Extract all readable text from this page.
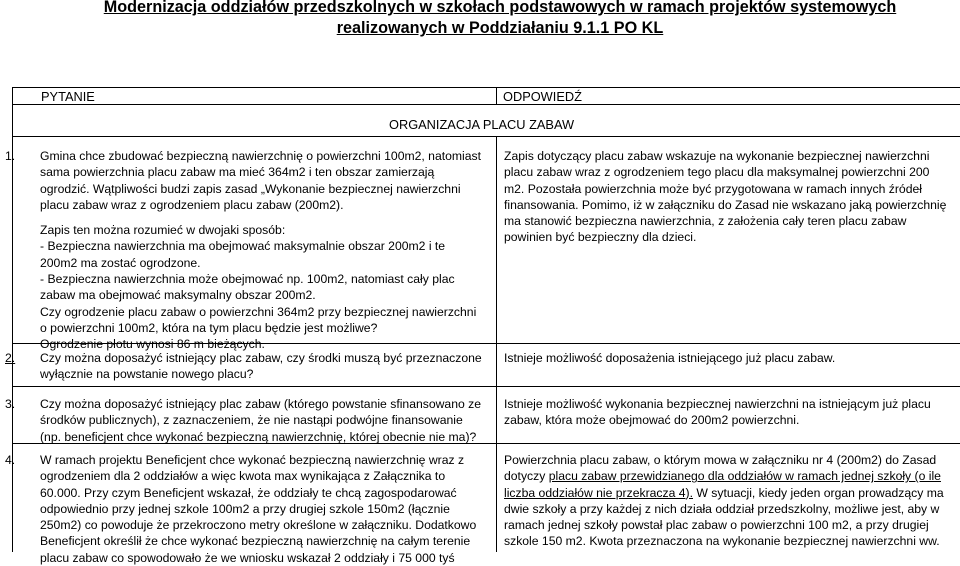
Modernizacja oddziałów przedszkolnych w szkołach podstawowych w ramach projektów systemowych
realizowanych w Poddziałaniu 9.1.1 PO KL
PYTANIE	ODPOWIEDŹ
ORGANIZACJA PLACU ZABAW
1. Gmina chce zbudować bezpieczną nawierzchnię o powierzchni 100m2, natomiast
sama powierzchnia placu zabaw ma mieć 364m2 i ten obszar zamierzają
ogrodzić. Wątpliwości budzi zapis zasad „Wykonanie bezpiecznej nawierzchni
placu zabaw wraz z ogrodzeniem placu zabaw (200m2).
Zapis ten można rozumieć w dwojaki sposób:
- Bezpieczna nawierzchnia ma obejmować maksymalnie obszar 200m2 i te
200m2 ma zostać ogrodzone.
- Bezpieczna nawierzchnia może obejmować np. 100m2, natomiast cały plac
zabaw ma obejmować maksymalny obszar 200m2.
Czy ogrodzenie placu zabaw o powierzchni 364m2 przy bezpiecznej nawierzchni
o powierzchni 100m2, która na tym placu będzie jest możliwe?
Ogrodzenie płotu wynosi 86 m bieżących.
Zapis dotyczący placu zabaw wskazuje na wykonanie bezpiecznej nawierzchni
placu zabaw wraz z ogrodzeniem tego placu dla maksymalnej powierzchni 200
m2. Pozostała powierzchnia może być przygotowana w ramach innych źródeł
finansowania. Pomimo, iż w załączniku do Zasad nie wskazano jaką powierzchnię
ma stanowić bezpieczna nawierzchnia, z założenia cały teren placu zabaw
powinien być bezpieczny dla dzieci.
2. Czy można doposażyć istniejący plac zabaw, czy środki muszą być przeznaczone
wyłącznie na powstanie nowego placu?
Istnieje możliwość doposażenia istniejącego już placu zabaw.
3. Czy można doposażyć istniejący plac zabaw (którego powstanie sfinansowano ze
środków publicznych), z zaznaczeniem, że nie nastąpi podwójne finansowanie
(np. beneficjent chce wykonać bezpieczną nawierzchnię, której obecnie nie ma)?
Istnieje możliwość wykonania bezpiecznej nawierzchni na istniejącym już placu
zabaw, która może obejmować do 200m2 powierzchni.
4. W ramach projektu Beneficjent chce wykonać bezpieczną nawierzchnię wraz z
ogrodzeniem dla 2 oddziałów a więc kwota max wynikająca z Załącznika to
60.000. Przy czym Beneficjent wskazał, że oddziały te chcą zagospodarować
odpowiednio przy jednej szkole 100m2 a przy drugiej szkole 150m2 (łącznie
250m2) co powoduje że przekroczono metry określone w załączniku. Dodatkowo
Beneficjent określił że chce wykonać bezpieczną nawierzchnię na całym terenie
placu zabaw co spowodowało że we wniosku wskazał 2 oddziały i 75 000 tyś
Powierzchnia placu zabaw, o którym mowa w załączniku nr 4 (200m2) do Zasad
dotyczy placu zabaw przewidzianego dla oddziałów w ramach jednej szkoły (o ile
liczba oddziałów nie przekracza 4). W sytuacji, kiedy jeden organ prowadzący ma
dwie szkoły a przy każdej z nich działa oddział przedszkolny, możliwe jest, aby w
ramach jednej szkoły powstał plac zabaw o powierzchni 100 m2, a przy drugiej
szkole 150 m2. Kwota przeznaczona na wykonanie bezpiecznej nawierzchni ww.
